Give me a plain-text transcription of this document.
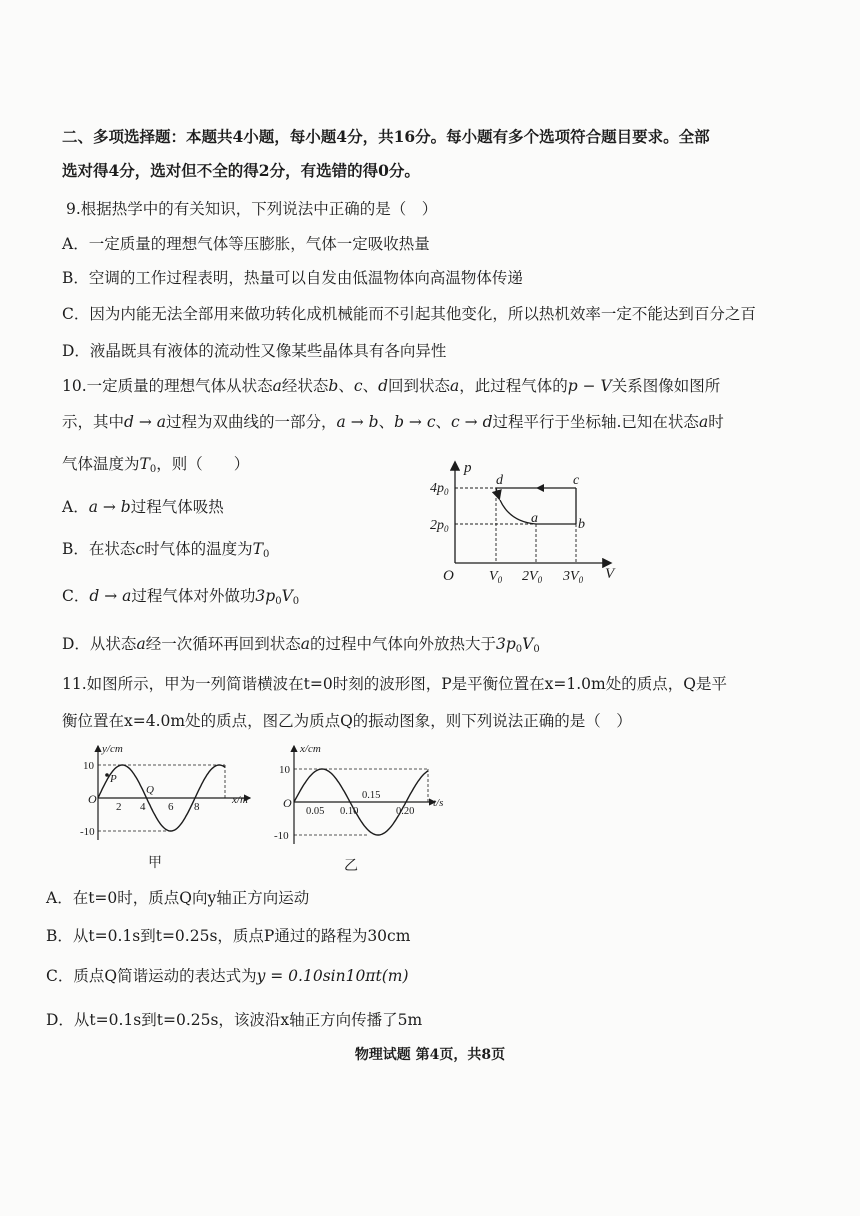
二、多项选择题：本题共4小题，每小题4分，共16分。每小题有多个选项符合题目要求。全部
选对得4分，选对但不全的得2分，有选错的得0分。
9.根据热学中的有关知识，下列说法中正确的是（　）
A．一定质量的理想气体等压膨胀，气体一定吸收热量
B．空调的工作过程表明，热量可以自发由低温物体向高温物体传递
C．因为内能无法全部用来做功转化成机械能而不引起其他变化，所以热机效率一定不能达到百分之百
D．液晶既具有液体的流动性又像某些晶体具有各向异性
10.一定质量的理想气体从状态a经状态b、c、d回到状态a，此过程气体的p − V关系图像如图所
示，其中d → a过程为双曲线的一部分，a → b、b → c、c → d过程平行于坐标轴.已知在状态a时
气体温度为$T_0$，则（　　）
A．a → b过程气体吸热
B．在状态c时气体的温度为$T_0$
C．d → a过程气体对外做功$3p_0V_0$
D．从状态a经一次循环再回到状态a的过程中气体向外放热大于$3p_0V_0$
p
V
O
$4p_0$
$2p_0$
$V_0$ $2V_0$ $3V_0$
a	b
c
d
11.如图所示，甲为一列简谐横波在t=0时刻的波形图，P是平衡位置在x=1.0m处的质点，Q是平
衡位置在x=4.0m处的质点，图乙为质点Q的振动图象，则下列说法正确的是（　）
P
Q
y/cm
x/m
O
10
-10
2 4 6 8
甲
x/cm
t/s
O
10
-10
0.05 0.10
0.15
0.20
乙
A．在t=0时，质点Q向y轴正方向运动
B．从t=0.1s到t=0.25s，质点P通过的路程为30cm
C．质点Q简谐运动的表达式为y = 0.10sin10πt(m)
D．从t=0.1s到t=0.25s，该波沿x轴正方向传播了5m
物理试题 第4页，共8页
